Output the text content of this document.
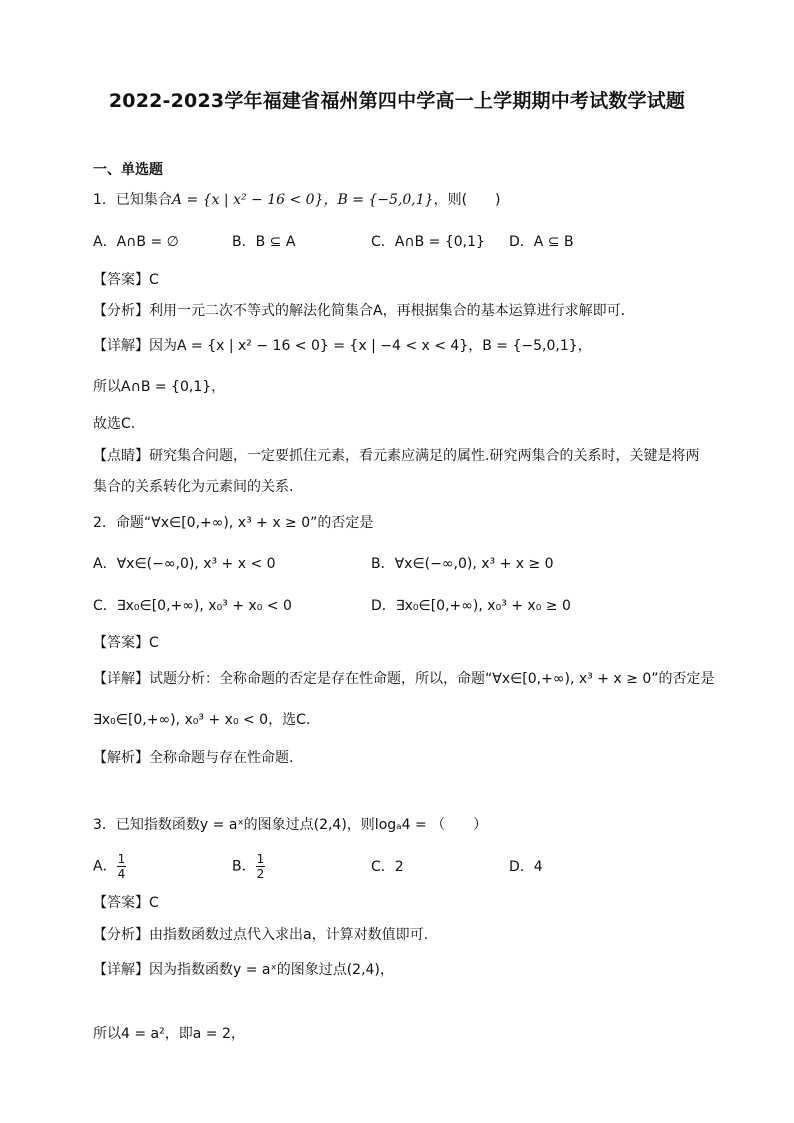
2022-2023学年福建省福州第四中学高一上学期期中考试数学试题
一、单选题
1．已知集合A = {x | x² − 16 < 0}，B = {−5,0,1}，则(　　)
A．A∩B = ∅	B．B ⊆ A	C．A∩B = {0,1} D．A ⊆ B
【答案】C
【分析】利用一元二次不等式的解法化简集合A，再根据集合的基本运算进行求解即可．
【详解】因为A = {x | x² − 16 < 0} = {x | −4 < x < 4}，B = {−5,0,1}，
所以A∩B = {0,1}，
故选C．
【点睛】研究集合问题，一定要抓住元素，看元素应满足的属性.研究两集合的关系时，关键是将两
集合的关系转化为元素间的关系.
2．命题“∀x∈[0,+∞), x³ + x ≥ 0”的否定是
A．∀x∈(−∞,0), x³ + x < 0	B．∀x∈(−∞,0), x³ + x ≥ 0
C．∃x₀∈[0,+∞), x₀³ + x₀ < 0	D．∃x₀∈[0,+∞), x₀³ + x₀ ≥ 0
【答案】C
【详解】试题分析：全称命题的否定是存在性命题，所以，命题“∀x∈[0,+∞), x³ + x ≥ 0”的否定是
∃x₀∈[0,+∞), x₀³ + x₀ < 0，选C.
【解析】全称命题与存在性命题.
3．已知指数函数y = aˣ的图象过点(2,4)，则logₐ4 = （　　）
A． $\frac{1}{4}$	B． $\frac{1}{2}$	C．2	D．4
【答案】C
【分析】由指数函数过点代入求出a，计算对数值即可.
【详解】因为指数函数y = aˣ的图象过点(2,4)，
所以4 = a²，即a = 2，
